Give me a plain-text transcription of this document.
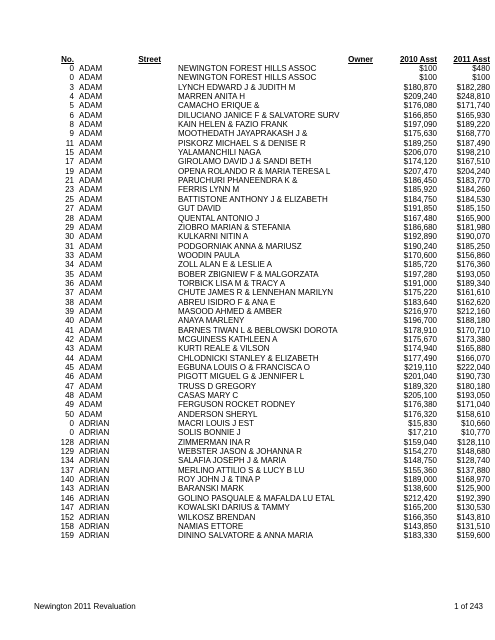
No.	Street	Owner	2010 Asst	2011 Asst
0	ADAM	NEWINGTON FOREST HILLS ASSOC	$100	$480
0	ADAM	NEWINGTON FOREST HILLS ASSOC	$100	$100
3	ADAM	LYNCH EDWARD J & JUDITH M	$180,870	$182,280
4	ADAM	MARREN ANITA H	$209,240	$248,810
5	ADAM	CAMACHO ERIQUE &	$176,080	$171,740
6	ADAM	DILUCIANO JANICE F & SALVATORE SURV	$166,850	$165,930
8	ADAM	KAIN HELEN & FAZIO FRANK	$197,090	$189,220
9	ADAM	MOOTHEDATH JAYAPRAKASH J &	$175,630	$168,770
11	ADAM	PISKORZ MICHAEL S & DENISE R	$189,250	$187,490
15	ADAM	YALAMANCHILI NAGA	$206,070	$198,210
17	ADAM	GIROLAMO DAVID J & SANDI BETH	$174,120	$167,510
19	ADAM	OPENA ROLANDO R & MARIA TERESA L	$207,470	$204,240
21	ADAM	PARUCHURI PHANEENDRA K &	$186,450	$183,770
23	ADAM	FERRIS LYNN M	$185,920	$184,260
25	ADAM	BATTISTONE ANTHONY J & ELIZABETH	$184,750	$184,530
27	ADAM	GUT DAVID	$191,850	$185,150
28	ADAM	QUENTAL ANTONIO J	$167,480	$165,900
29	ADAM	ZIOBRO MARIAN & STEFANIA	$186,680	$181,980
30	ADAM	KULKARNI NITIN A	$192,890	$190,070
31	ADAM	PODGORNIAK ANNA & MARIUSZ	$190,240	$185,250
33	ADAM	WOODIN PAULA	$170,600	$156,860
34	ADAM	ZOLL ALAN E & LESLIE A	$185,720	$176,360
35	ADAM	BOBER ZBIGNIEW F & MALGORZATA	$197,280	$193,050
36	ADAM	TORBICK LISA M & TRACY A	$191,000	$189,340
37	ADAM	CHUTE JAMES R & LENNEHAN MARILYN	$175,220	$161,610
38	ADAM	ABREU ISIDRO F & ANA E	$183,640	$162,620
39	ADAM	MASOOD AHMED & AMBER	$216,970	$212,160
40	ADAM	ANAYA MARLENY	$196,700	$188,180
41	ADAM	BARNES TIWAN L & BEBLOWSKI DOROTA	$178,910	$170,710
42	ADAM	MCGUINESS KATHLEEN A	$175,670	$173,380
43	ADAM	KURTI REALE & VILSON	$174,940	$165,880
44	ADAM	CHLODNICKI STANLEY & ELIZABETH	$177,490	$166,070
45	ADAM	EGBUNA LOUIS O & FRANCISCA O	$219,110	$222,040
46	ADAM	PIGOTT MIGUEL G & JENNIFER L	$201,040	$190,730
47	ADAM	TRUSS D GREGORY	$189,320	$180,180
48	ADAM	CASAS MARY C	$205,100	$193,050
49	ADAM	FERGUSON ROCKET RODNEY	$176,380	$171,040
50	ADAM	ANDERSON SHERYL	$176,320	$158,610
0	ADRIAN	MACRI LOUIS J EST	$15,830	$10,660
0	ADRIAN	SOLIS BONNIE J	$17,210	$10,770
128	ADRIAN	ZIMMERMAN INA R	$159,040	$128,110
129	ADRIAN	WEBSTER JASON & JOHANNA R	$154,270	$148,680
134	ADRIAN	SALAFIA JOSEPH J & MARIA	$148,750	$128,740
137	ADRIAN	MERLINO ATTILIO S & LUCY B LU	$155,360	$137,880
140	ADRIAN	ROY JOHN J & TINA P	$189,000	$168,970
143	ADRIAN	BARANSKI MARK	$138,600	$125,900
146	ADRIAN	GOLINO PASQUALE & MAFALDA LU ETAL	$212,420	$192,390
147	ADRIAN	KOWALSKI DARIUS & TAMMY	$165,200	$130,530
152	ADRIAN	WILKOSZ BRENDAN	$166,350	$143,810
158	ADRIAN	NAMIAS ETTORE	$143,850	$131,510
159	ADRIAN	DININO SALVATORE & ANNA MARIA	$183,330	$159,600
Newington 2011 Revaluation	1 of 243
